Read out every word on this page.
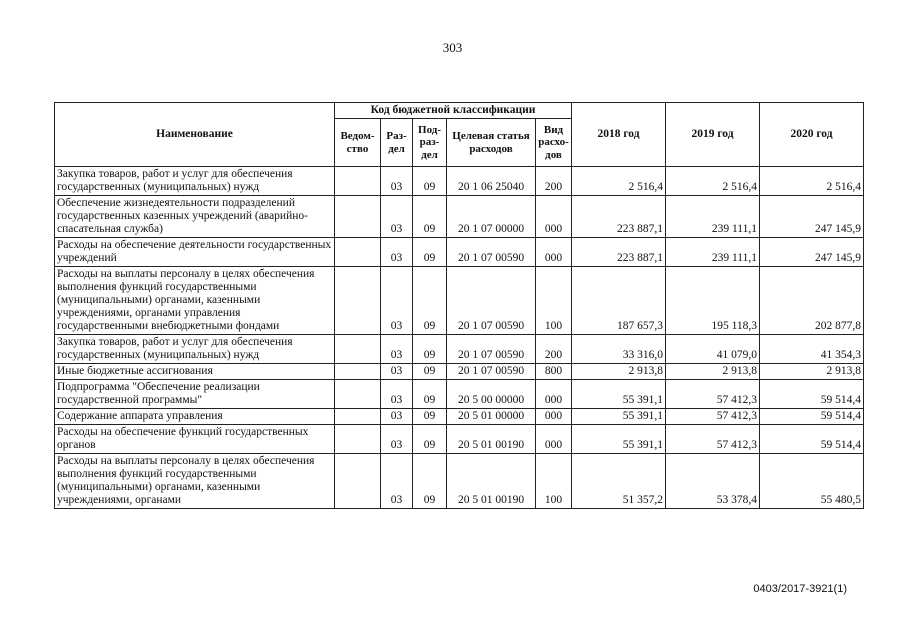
303
Наименование	Код бюджетной классификации					2018 год	2019 год	2020 год
	Ведом-ство	Раз-дел	Под-раз-дел	Целевая статья расходов	Вид расхо-дов			
Закупка товаров, работ и услуг для обеспечения государственных (муниципальных) нужд		03	09	20 1 06 25040	200	2 516,4	2 516,4	2 516,4
Обеспечение жизнедеятельности подразделений государственных казенных учреждений (аварийно-спасательная служба)		03	09	20 1 07 00000	000	223 887,1	239 111,1	247 145,9
Расходы на обеспечение деятельности государственных учреждений		03	09	20 1 07 00590	000	223 887,1	239 111,1	247 145,9
Расходы на выплаты персоналу в целях обеспечения выполнения функций государственными (муниципальными) органами, казенными учреждениями, органами управления государственными внебюджетными фондами		03	09	20 1 07 00590	100	187 657,3	195 118,3	202 877,8
Закупка товаров, работ и услуг для обеспечения государственных (муниципальных) нужд		03	09	20 1 07 00590	200	33 316,0	41 079,0	41 354,3
Иные бюджетные ассигнования		03	09	20 1 07 00590	800	2 913,8	2 913,8	2 913,8
Подпрограмма "Обеспечение реализации государственной программы"		03	09	20 5 00 00000	000	55 391,1	57 412,3	59 514,4
Содержание аппарата управления		03	09	20 5 01 00000	000	55 391,1	57 412,3	59 514,4
Расходы на обеспечение функций государственных органов		03	09	20 5 01 00190	000	55 391,1	57 412,3	59 514,4
Расходы на выплаты персоналу в целях обеспечения выполнения функций государственными (муниципальными) органами, казенными учреждениями, органами		03	09	20 5 01 00190	100	51 357,2	53 378,4	55 480,5
0403/2017-3921(1)
